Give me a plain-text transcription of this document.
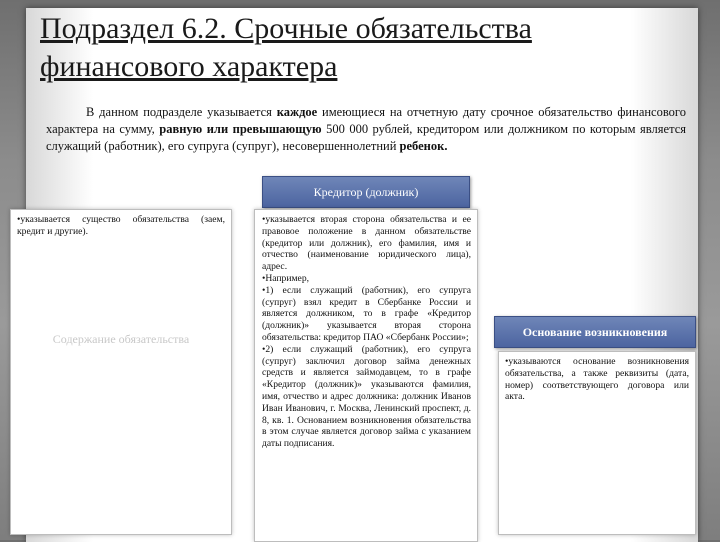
Подраздел 6.2. Срочные обязательства финансового характера

В данном подразделе указывается каждое имеющиеся на отчетную дату срочное обязательство финансового характера на сумму, равную или превышающую 500 000 рублей, кредитором или должником по которым является служащий (работник), его супруга (супруг), несовершеннолетний ребенок.

Кредитор (должник)

•указывается существо обязательства (заем, кредит и другие).

Содержание обязательства

•указывается вторая сторона обязательства и ее правовое положение в данном обязательстве (кредитор или должник), его фамилия, имя и отчество (наименование юридического лица), адрес.

•Например,

•1) если служащий (работник), его супруга (супруг) взял кредит в Сбербанке России и является должником, то в графе «Кредитор (должник)» указывается вторая сторона обязательства: кредитор ПАО «Сбербанк России»;

•2) если служащий (работник), его супруга (супруг) заключил договор займа денежных средств и является займодавцем, то в графе «Кредитор (должник)» указываются фамилия, имя, отчество и адрес должника: должник Иванов Иван Иванович, г. Москва, Ленинский проспект, д. 8, кв. 1. Основанием возникновения обязательства в этом случае является договор займа с указанием даты подписания.

Основание возникновения

•указываются основание возникновения обязательства, а также реквизиты (дата, номер) соответствующего договора или акта.
